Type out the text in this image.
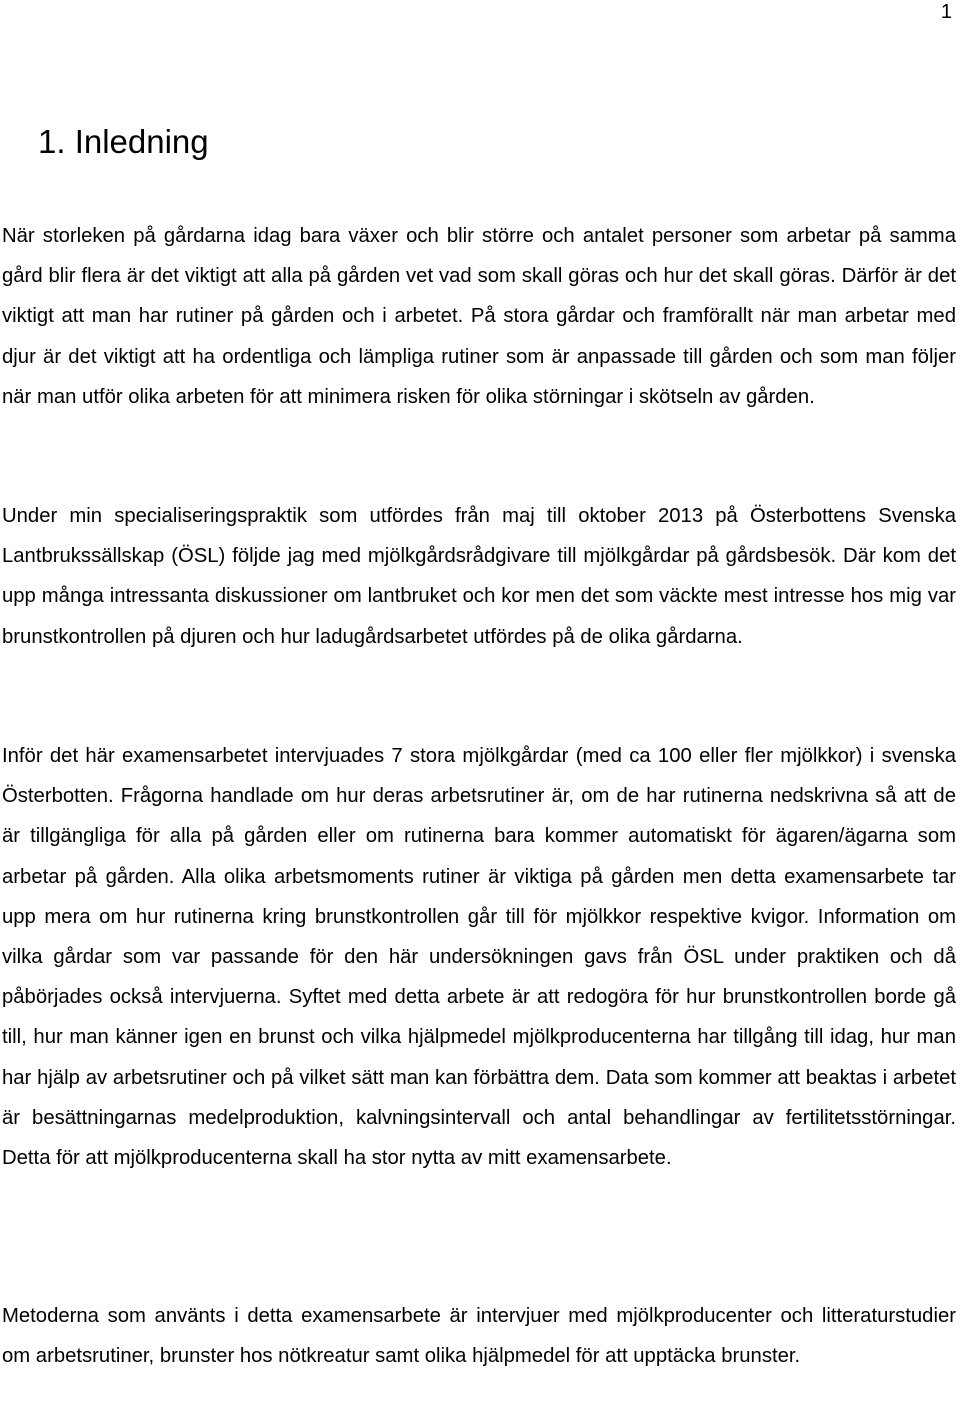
1
1. Inledning

När storleken på gårdarna idag bara växer och blir större och antalet personer som arbetar på samma gård blir flera är det viktigt att alla på gården vet vad som skall göras och hur det skall göras. Därför är det viktigt att man har rutiner på gården och i arbetet. På stora gårdar och framförallt när man arbetar med djur är det viktigt att ha ordentliga och lämpliga rutiner som är anpassade till gården och som man följer när man utför olika arbeten för att minimera risken för olika störningar i skötseln av gården.

Under min specialiseringspraktik som utfördes från maj till oktober 2013 på Österbottens Svenska Lantbrukssällskap (ÖSL) följde jag med mjölkgårdsrådgivare till mjölkgårdar på gårdsbesök. Där kom det upp många intressanta diskussioner om lantbruket och kor men det som väckte mest intresse hos mig var brunstkontrollen på djuren och hur ladugårdsarbetet utfördes på de olika gårdarna.

Inför det här examensarbetet intervjuades 7 stora mjölkgårdar (med ca 100 eller fler mjölkkor) i svenska Österbotten. Frågorna handlade om hur deras arbetsrutiner är, om de har rutinerna nedskrivna så att de är tillgängliga för alla på gården eller om rutinerna bara kommer automatiskt för ägaren/ägarna som arbetar på gården. Alla olika arbetsmoments rutiner är viktiga på gården men detta examensarbete tar upp mera om hur rutinerna kring brunstkontrollen går till för mjölkkor respektive kvigor. Information om vilka gårdar som var passande för den här undersökningen gavs från ÖSL under praktiken och då påbörjades också intervjuerna. Syftet med detta arbete är att redogöra för hur brunstkontrollen borde gå till, hur man känner igen en brunst och vilka hjälpmedel mjölkproducenterna har tillgång till idag, hur man har hjälp av arbetsrutiner och på vilket sätt man kan förbättra dem. Data som kommer att beaktas i arbetet är besättningarnas medelproduktion, kalvningsintervall och antal behandlingar av fertilitetsstörningar. Detta för att mjölkproducenterna skall ha stor nytta av mitt examensarbete.

Metoderna som använts i detta examensarbete är intervjuer med mjölkproducenter och litteraturstudier om arbetsrutiner, brunster hos nötkreatur samt olika hjälpmedel för att upptäcka brunster.
